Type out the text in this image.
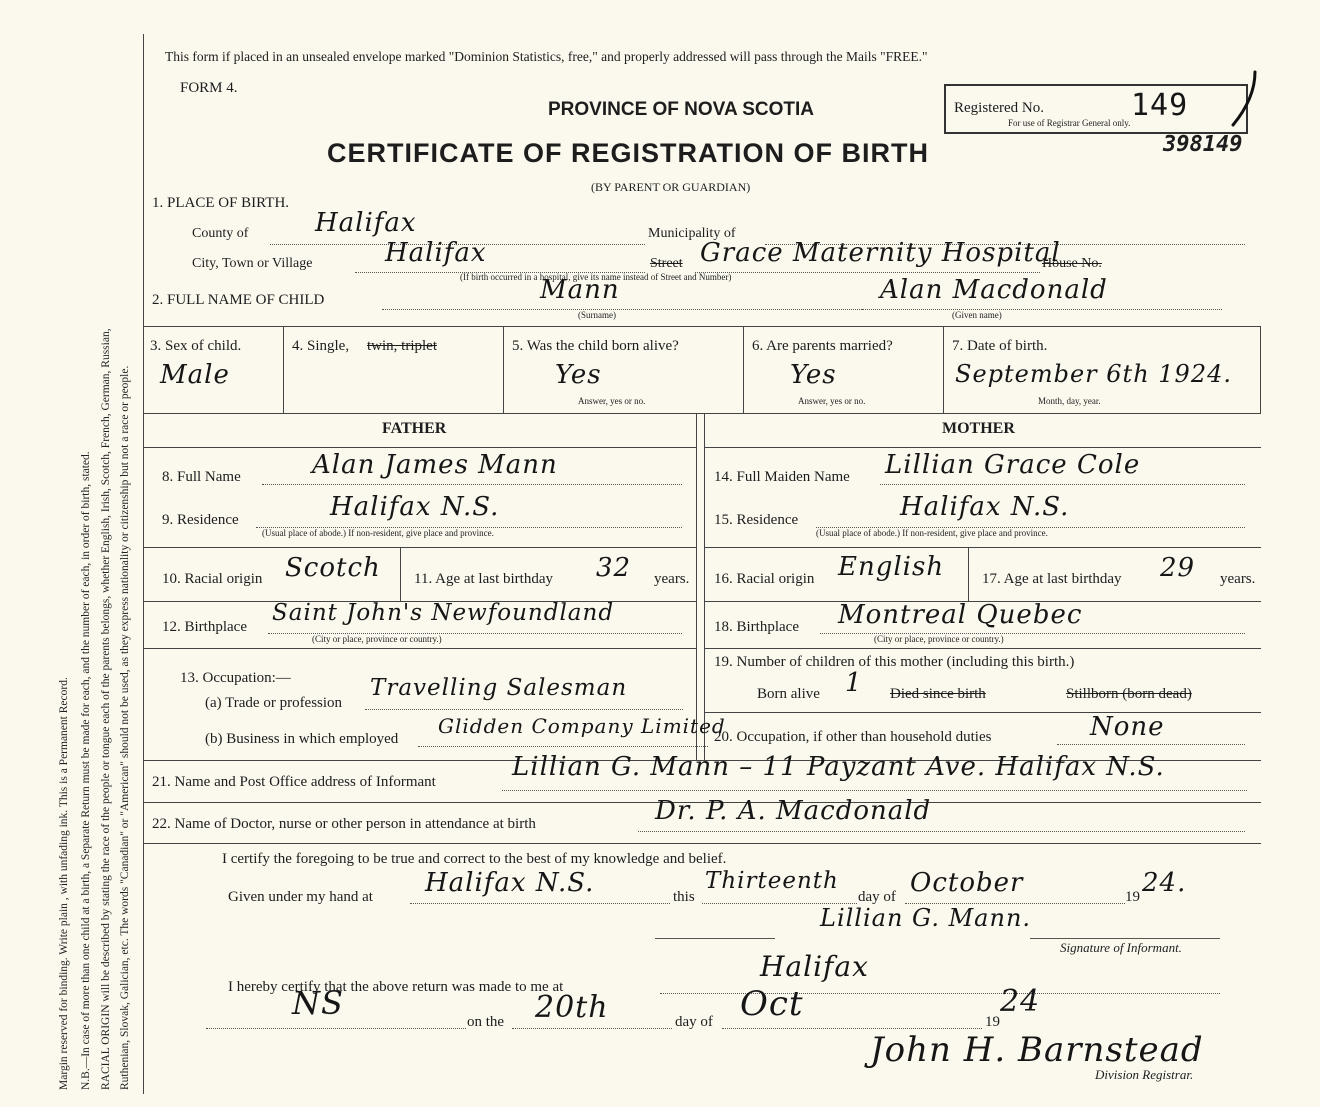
Margin reserved for binding. Write plain , with unfading ink. This is a Permanent Record. N.B.—In case of more than one child at a birth, a Separate Return must be made for each, and the number of each, in order of birth, stated. RACIAL ORIGIN will be described by stating the race of the people or tongue each of the parents belongs, whether English, Irish, Scotch, French, German, Russian, Ruthenian, Slovak, Galician, etc. The words "Canadian" or "American" should not be used, as they express nationality or citizenship but not a race or people.
This form if placed in an unsealed envelope marked "Dominion Statistics, free," and properly addressed will pass through the Mails "FREE."
FORM 4.
PROVINCE OF NOVA SCOTIA
CERTIFICATE OF REGISTRATION OF BIRTH
(BY PARENT OR GUARDIAN)
Registered No.	149
For use of Registrar General only.
398149
1. PLACE OF BIRTH.
County of	Halifax	Municipality of
City, Town or Village	Halifax	Street Grace Maternity Hospital
House No.
(If birth occurred in a hospital, give its name instead of Street and Number)
2. FULL NAME OF CHILD	Mann
(Surname)
Alan Macdonald
(Given name)
3. Sex of child.
Male
4. Single, twin, triplet	5. Was the child born alive?
Yes
Answer, yes or no.
6. Are parents married?
Yes
Answer, yes or no.
7. Date of birth.
September 6th 1924.
Month, day, year.
FATHER
8. Full Name	Alan James Mann
9. Residence	Halifax N.S.
(Usual place of abode.) If non-resident, give place and province.
10. Racial origin Scotch 11. Age at last birthday 32 years.
12. Birthplace
Saint John's Newfoundland
(City or place, province or country.)
13. Occupation:—
(a) Trade or profession
Travelling Salesman
(b) Business in which employed
Glidden Company Limited
MOTHER
14. Full Maiden Name Lillian Grace Cole
15. Residence	Halifax N.S.
(Usual place of abode.) If non-resident, give place and province.
16. Racial origin English	17. Age at last birthday 29 years.
18. Birthplace Montreal Quebec
(City or place, province or country.)
19. Number of children of this mother (including this birth.)
Born alive 1 Died since birth	Stillborn (born dead)
20. Occupation, if other than household duties	None
21. Name and Post Office address of Informant	Lillian G. Mann – 11 Payzant Ave. Halifax N.S.
22. Name of Doctor, nurse or other person in attendance at birth	Dr. P. A. Macdonald
I certify the foregoing to be true and correct to the best of my knowledge and belief.
Given under my hand at Halifax N.S.	this
Thirteenth
day of October	19 24.
Lillian G. Mann.
Signature of Informant.
I hereby certify that the above return was made to me at
Halifax
NS	on the 20th	day of Oct	19
24
John H. Barnstead
Division Registrar.
